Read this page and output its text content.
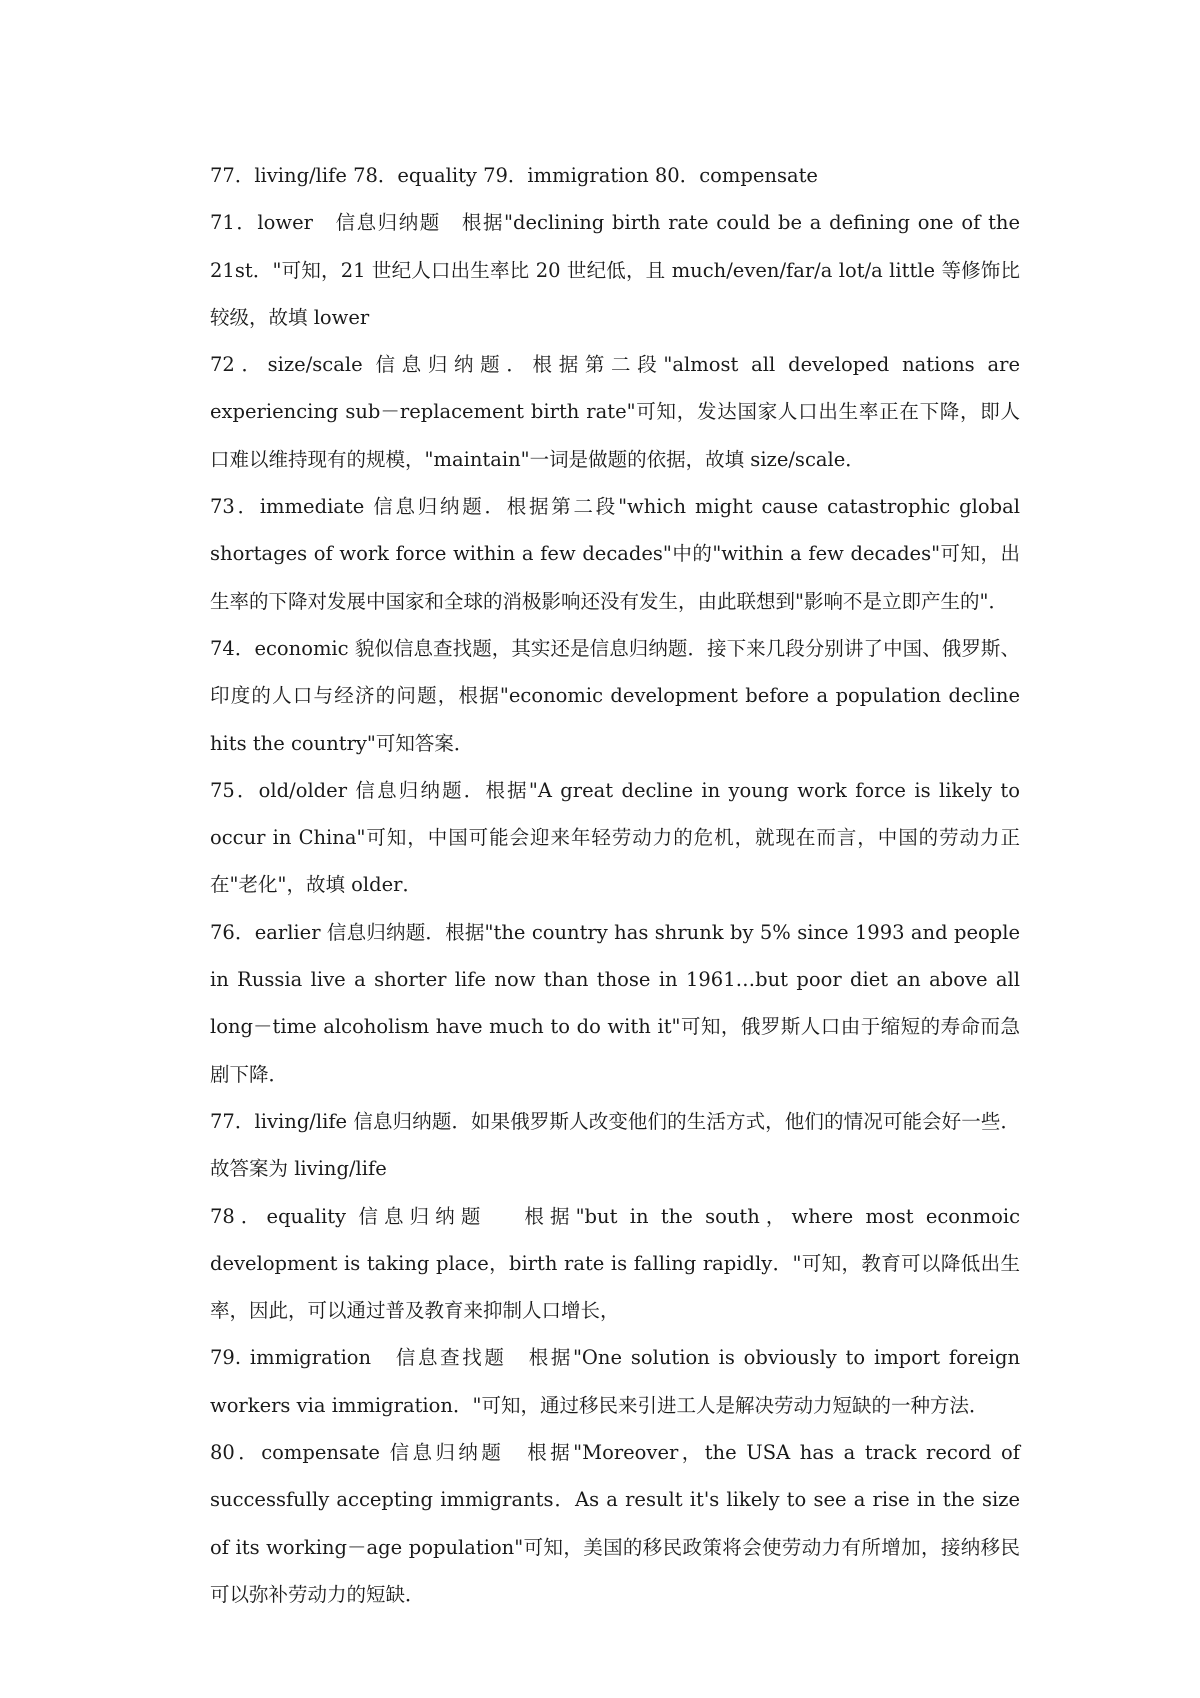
77．living/life 78．equality 79．immigration 80．compensate

71．lower　信息归纳题　根据"declining birth rate could be a defining one of the 21st．"可知，21 世纪人口出生率比 20 世纪低，且 much/even/far/a lot/a little 等修饰比较级，故填 lower

72．size/scale 信息归纳题．根据第二段"almost all developed nations are experiencing sub－replacement birth rate"可知，发达国家人口出生率正在下降，即人口难以维持现有的规模，"maintain"一词是做题的依据，故填 size/scale．

73．immediate 信息归纳题．根据第二段"which might cause catastrophic global shortages of work force within a few decades"中的"within a few decades"可知，出生率的下降对发展中国家和全球的消极影响还没有发生，由此联想到"影响不是立即产生的"．

74．economic 貌似信息查找题，其实还是信息归纳题．接下来几段分别讲了中国、俄罗斯、印度的人口与经济的问题，根据"economic development before a population decline hits the country"可知答案．

75．old/older 信息归纳题．根据"A great decline in young work force is likely to occur in China"可知，中国可能会迎来年轻劳动力的危机，就现在而言，中国的劳动力正在"老化"，故填 older．

76．earlier 信息归纳题．根据"the country has shrunk by 5% since 1993 and people in Russia live a shorter life now than those in 1961…but poor diet an above all long－time alcoholism have much to do with it"可知，俄罗斯人口由于缩短的寿命而急剧下降．

77．living/life 信息归纳题．如果俄罗斯人改变他们的生活方式，他们的情况可能会好一些．故答案为 living/life

78．equality 信息归纳题　 根据"but in the south，where most econmoic development is taking place，birth rate is falling rapidly．"可知，教育可以降低出生率，因此，可以通过普及教育来抑制人口增长，

79. immigration　信息查找题　根据"One solution is obviously to import foreign workers via immigration．"可知，通过移民来引进工人是解决劳动力短缺的一种方法．

80．compensate 信息归纳题　根据"Moreover，the USA has a track record of successfully accepting immigrants．As a result it's likely to see a rise in the size of its working－age population"可知，美国的移民政策将会使劳动力有所增加，接纳移民可以弥补劳动力的短缺．
